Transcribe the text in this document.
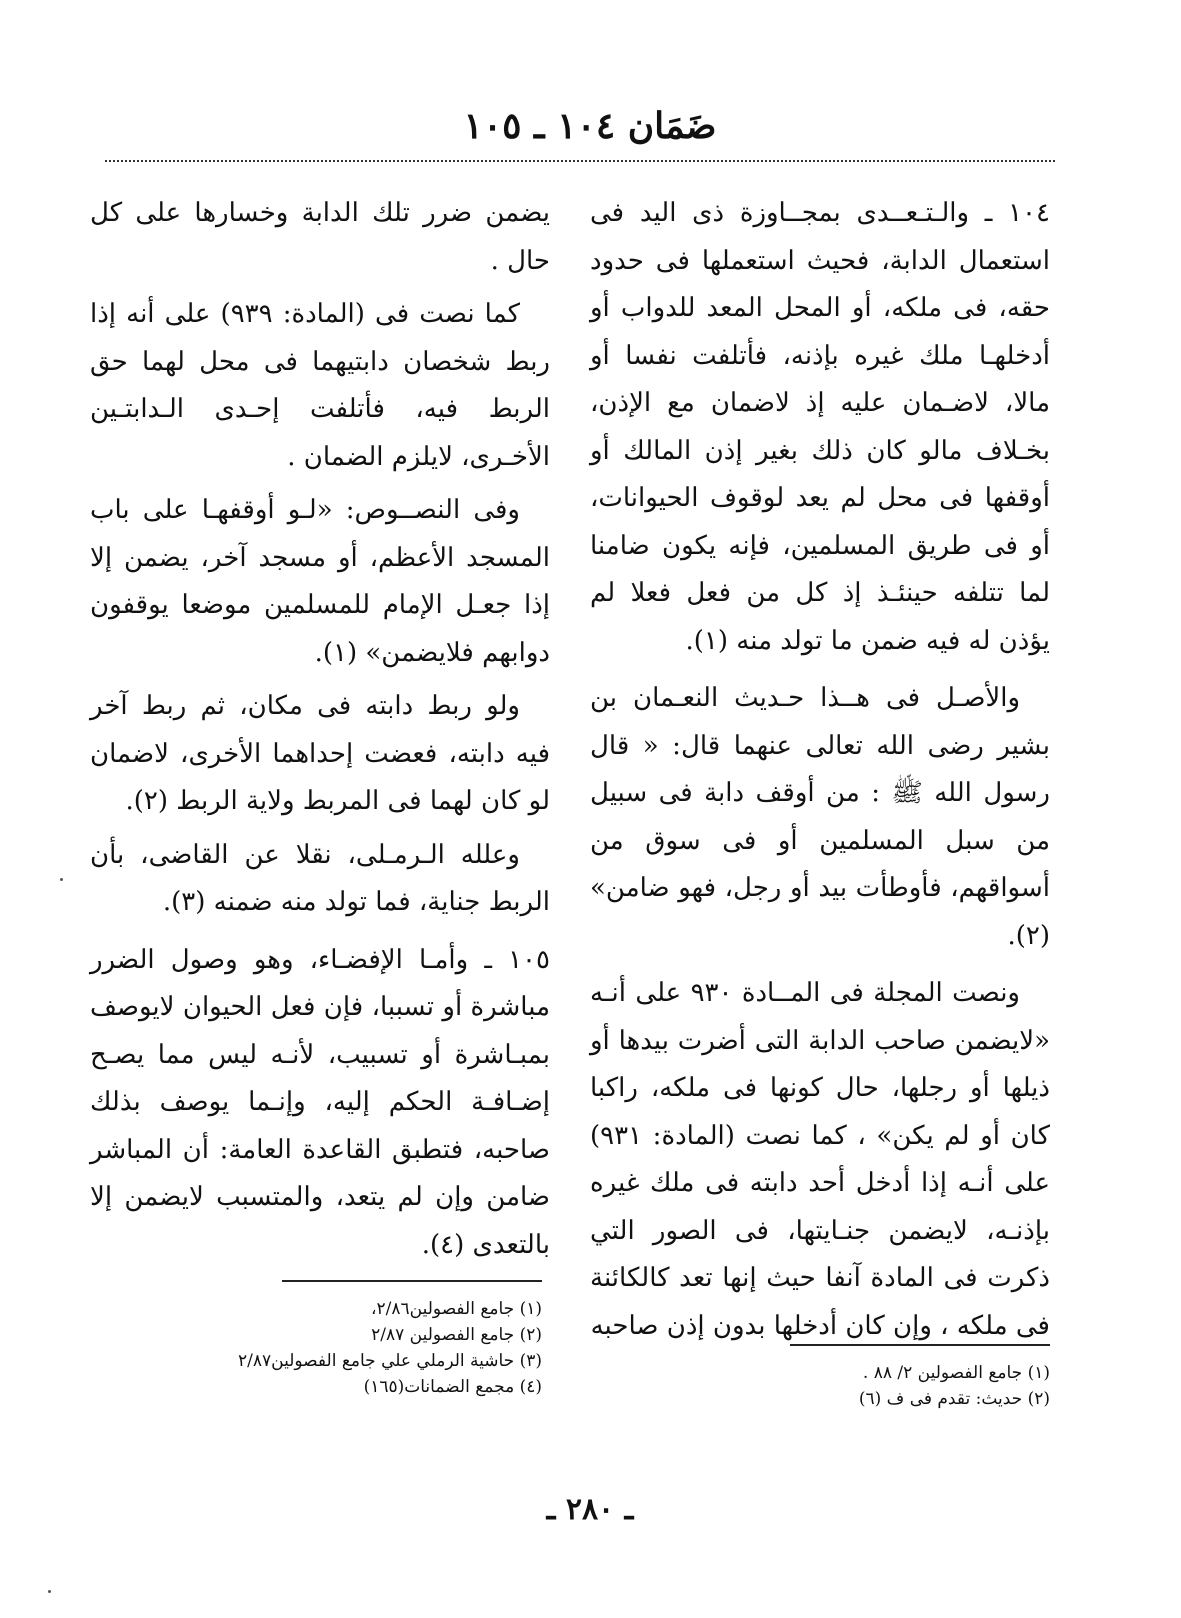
ضَمَان ١٠٤ ـ ١٠٥

١٠٤ ـ والـتـعــدى بمجــاوزة ذى اليد فى استعمال الدابة، فحيث استعملها فى حدود حقه، فى ملكه، أو المحل المعد للدواب أو أدخلهـا ملك غيره بإذنه، فأتلفت نفسا أو مالا، لاضـمان عليه إذ لاضمان مع الإذن، بخـلاف مالو كان ذلك بغير إذن المالك أو أوقفها فى محل لم يعد لوقوف الحيوانات، أو فى طريق المسلمين، فإنه يكون ضامنا لما تتلفه حينئـذ إذ كل من فعل فعلا لم يؤذن له فيه ضمن ما تولد منه (١).

والأصـل فى هــذا حـديث النعـمان بن بشير رضى الله تعالى عنهما قال: « قال رسول الله ﷺ : من أوقف دابة فى سبيل من سبل المسلمين أو فى سوق من أسواقهم، فأوطأت بيد أو رجل، فهو ضامن» (٢).

ونصت المجلة فى المــادة ٩٣٠ على أنـه «لايضمن صاحب الدابة التى أضرت بيدها أو ذيلها أو رجلها، حال كونها فى ملكه، راكبا كان أو لم يكن» ، كما نصت (المادة: ٩٣١) على أنـه إذا أدخل أحد دابته فى ملك غيره بإذنـه، لايضمن جنـايتها، فى الصور التي ذكرت فى المادة آنفا حيث إنها تعد كالكائنة فى ملكه ، وإن كان أدخلها بدون إذن صاحبه

يضمن ضرر تلك الدابة وخسارها على كل حال .

كما نصت فى (المادة: ٩٣٩) على أنه إذا ربط شخصان دابتيهما فى محل لهما حق الربط فيه، فأتلفت إحـدى الـدابتـين الأخـرى، لايلزم الضمان .

وفى النصــوص: «لـو أوقفهـا على باب المسجد الأعظم، أو مسجد آخر، يضمن إلا إذا جعـل الإمام للمسلمين موضعا يوقفون دوابهم فلايضمن» (١).

ولو ربط دابته فى مكان، ثم ربط آخر فيه دابته، فعضت إحداهما الأخرى، لاضمان لو كان لهما فى المربط ولاية الربط (٢).

وعلله الـرمـلى، نقلا عن القاضى، بأن الربط جناية، فما تولد منه ضمنه (٣).

١٠٥ ـ وأمـا الإفضـاء، وهو وصول الضرر مباشرة أو تسببا، فإن فعل الحيوان لايوصف بمبـاشرة أو تسبيب، لأنـه ليس مما يصـح إضـافـة الحكم إليه، وإنـما يوصف بذلك صاحبه، فتطبق القاعدة العامة: أن المباشر ضامن وإن لم يتعد، والمتسبب لايضمن إلا بالتعدى (٤).

(١) جامع الفصولين ٢/ ٨٨ .
(٢) حديث: تقدم فى ف (٦)
(١) جامع الفصولين٢/٨٦،
(٢) جامع الفصولين ٢/٨٧
(٣) حاشية الرملي علي جامع الفصولين٢/٨٧
(٤) مجمع الضمانات(١٦٥)
ـ ٢٨٠ ـ
